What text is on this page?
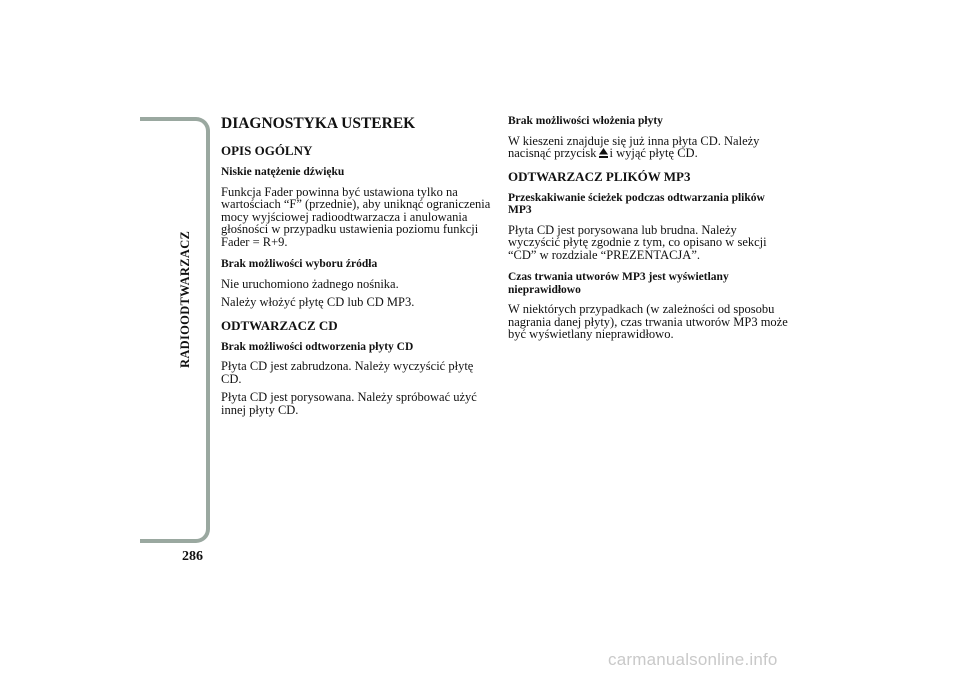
RADIOODTWARZACZ
286
DIAGNOSTYKA USTEREK
OPIS OGÓLNY
Niskie natężenie dźwięku

Funkcja Fader powinna być ustawiona tylko na wartościach “F” (przednie), aby uniknąć ograniczenia mocy wyjściowej radioodtwarzacza i anulowania głośności w przypadku ustawienia poziomu funkcji Fader = R+9.

Brak możliwości wyboru źródła

Nie uruchomiono żadnego nośnika.

Należy włożyć płytę CD lub CD MP3.

ODTWARZACZ CD
Brak możliwości odtworzenia płyty CD

Płyta CD jest zabrudzona. Należy wyczyścić płytę CD.

Płyta CD jest porysowana. Należy spróbować użyć innej płyty CD.

Brak możliwości włożenia płyty

W kieszeni znajduje się już inna płyta CD. Należy nacisnąć przycisk i wyjąć płytę CD.

ODTWARZACZ PLIKÓW MP3
Przeskakiwanie ścieżek podczas odtwarzania plików MP3

Płyta CD jest porysowana lub brudna. Należy wyczyścić płytę zgodnie z tym, co opisano w sekcji “CD” w rozdziale “PREZENTACJA”.

Czas trwania utworów MP3 jest wyświetlany nieprawidłowo

W niektórych przypadkach (w zależności od sposobu nagrania danej płyty), czas trwania utworów MP3 może być wyświetlany nieprawidłowo.

carmanualsonline.info
